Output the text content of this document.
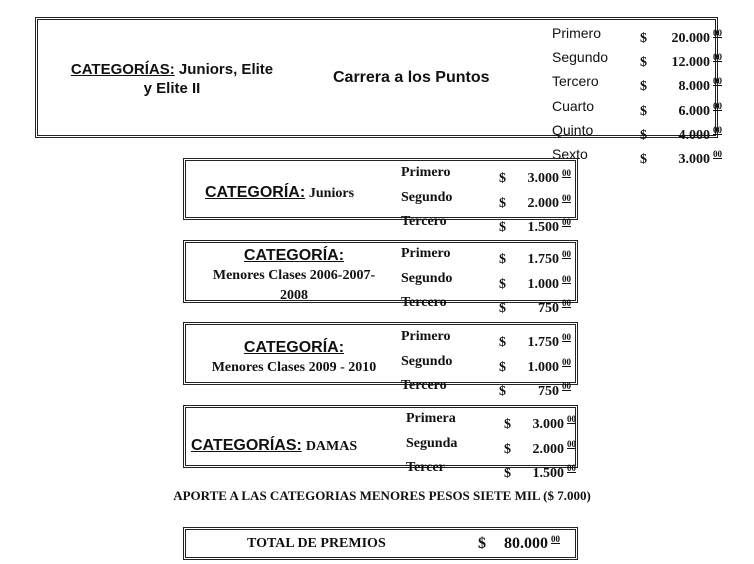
CATEGORÍAS: Juniors, Elite
y Elite II
Carrera a los Puntos
Primero	$ 20.000 $^{00}$
Segundo	$ 12.000 $^{00}$
Tercero	$ 8.000 $^{00}$
Cuarto	$ 6.000 $^{00}$
Quinto	$ 4.000 $^{00}$
Sexto	$ 3.000 $^{00}$
CATEGORÍA: Juniors
Primero	$ 3.000 $^{00}$
Segundo	$ 2.000 $^{00}$
Tercero	$ 1.500 $^{00}$
CATEGORÍA:
Menores Clases 2006-2007-
2008
Primero	$ 1.750 $^{00}$
Segundo	$ 1.000 $^{00}$
Tercero	$ 750 $^{00}$
CATEGORÍA:
Menores Clases 2009 - 2010
Primero	$ 1.750 $^{00}$
Segundo	$ 1.000 $^{00}$
Tercero	$ 750 $^{00}$
CATEGORÍAS: DAMAS
Primera	$ 3.000 $^{00}$
Segunda	$ 2.000 $^{00}$
Tercer	$ 1.500 $^{00}$
APORTE A LAS CATEGORIAS MENORES PESOS SIETE MIL ($ 7.000)
TOTAL DE PREMIOS	$ 80.000 $^{00}$
